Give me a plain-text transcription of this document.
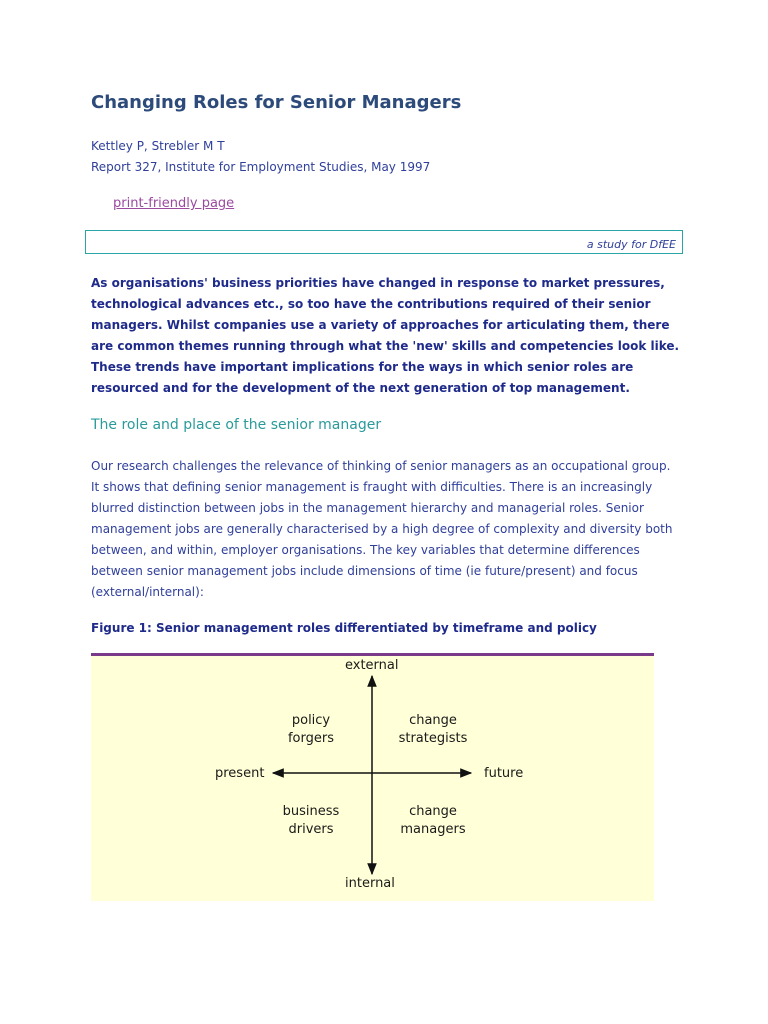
Changing Roles for Senior Managers
Kettley P, Strebler M T
Report 327, Institute for Employment Studies, May 1997
print-friendly page
a study for DfEE

As organisations' business priorities have changed in response to market pressures, technological advances etc., so too have the contributions required of their senior managers. Whilst companies use a variety of approaches for articulating them, there are common themes running through what the 'new' skills and competencies look like. These trends have important implications for the ways in which senior roles are resourced and for the development of the next generation of top management.

The role and place of the senior manager

Our research challenges the relevance of thinking of senior managers as an occupational group. It shows that defining senior management is fraught with difficulties. There is an increasingly blurred distinction between jobs in the management hierarchy and managerial roles. Senior management jobs are generally characterised by a high degree of complexity and diversity both between, and within, employer organisations. The key variables that determine differences between senior management jobs include dimensions of time (ie future/present) and focus (external/internal):

Figure 1: Senior management roles differentiated by timeframe and policy

external
internal
present	future
policy
forgers
change
strategists
business
drivers
change
managers
